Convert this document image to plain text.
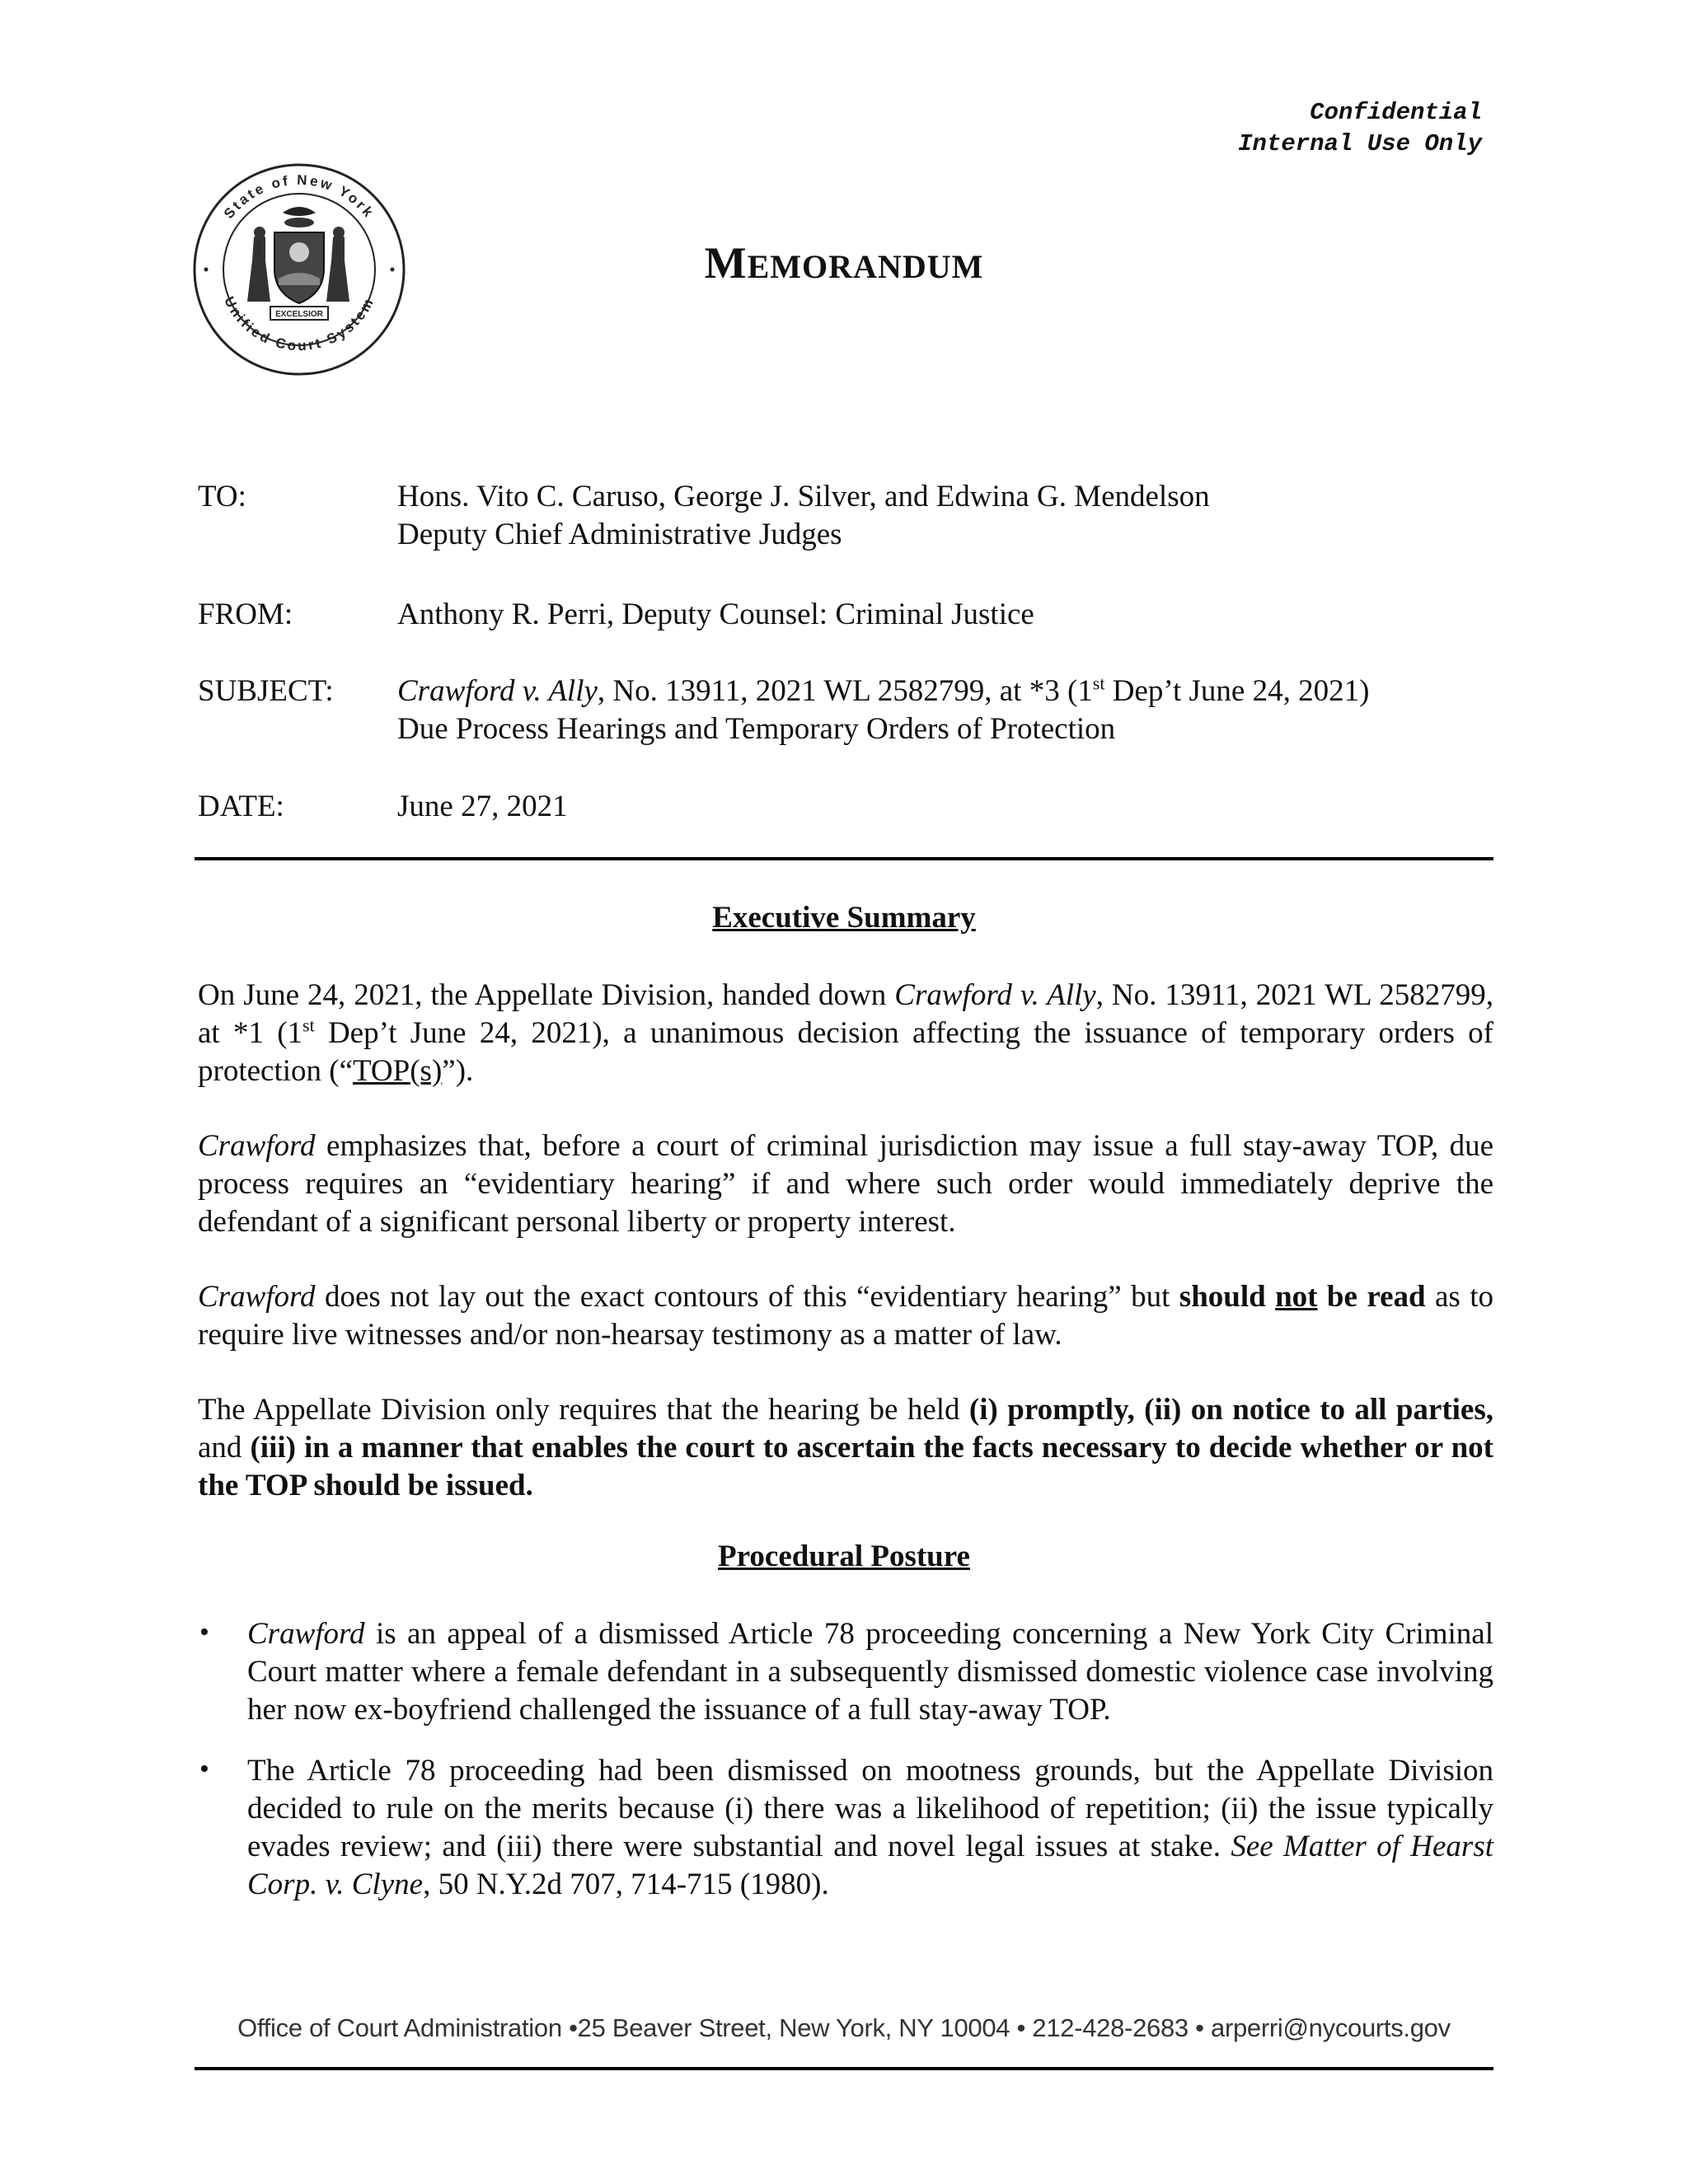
Confidential
Internal Use Only
State of New York
Unified Court System
EXCELSIOR
MEMORANDUM
TO:	Hons. Vito C. Caruso, George J. Silver, and Edwina G. Mendelson
Deputy Chief Administrative Judges
FROM:	Anthony R. Perri, Deputy Counsel: Criminal Justice
SUBJECT: Crawford v. Ally, No. 13911, 2021 WL 2582799, at *3 (1st Dep’t June 24, 2021)
Due Process Hearings and Temporary Orders of Protection
DATE:	June 27, 2021
Executive Summary
On June 24, 2021, the Appellate Division, handed down Crawford v. Ally, No. 13911, 2021 WL 2582799, at *1 (1st Dep’t June 24, 2021), a unanimous decision affecting the issuance of temporary orders of protection (“TOP(s)”).
Crawford emphasizes that, before a court of criminal jurisdiction may issue a full stay-away TOP, due process requires an “evidentiary hearing” if and where such order would immediately deprive the defendant of a significant personal liberty or property interest.
Crawford does not lay out the exact contours of this “evidentiary hearing” but should not be read as to require live witnesses and/or non-hearsay testimony as a matter of law.
The Appellate Division only requires that the hearing be held (i) promptly, (ii) on notice to all parties, and (iii) in a manner that enables the court to ascertain the facts necessary to decide whether or not the TOP should be issued.
Procedural Posture
• Crawford is an appeal of a dismissed Article 78 proceeding concerning a New York City Criminal Court matter where a female defendant in a subsequently dismissed domestic violence case involving her now ex-boyfriend challenged the issuance of a full stay-away TOP.
• The Article 78 proceeding had been dismissed on mootness grounds, but the Appellate Division decided to rule on the merits because (i) there was a likelihood of repetition; (ii) the issue typically evades review; and (iii) there were substantial and novel legal issues at stake. See Matter of Hearst Corp. v. Clyne, 50 N.Y.2d 707, 714-715 (1980).
Office of Court Administration •25 Beaver Street, New York, NY 10004 • 212-428-2683 • arperri@nycourts.gov
